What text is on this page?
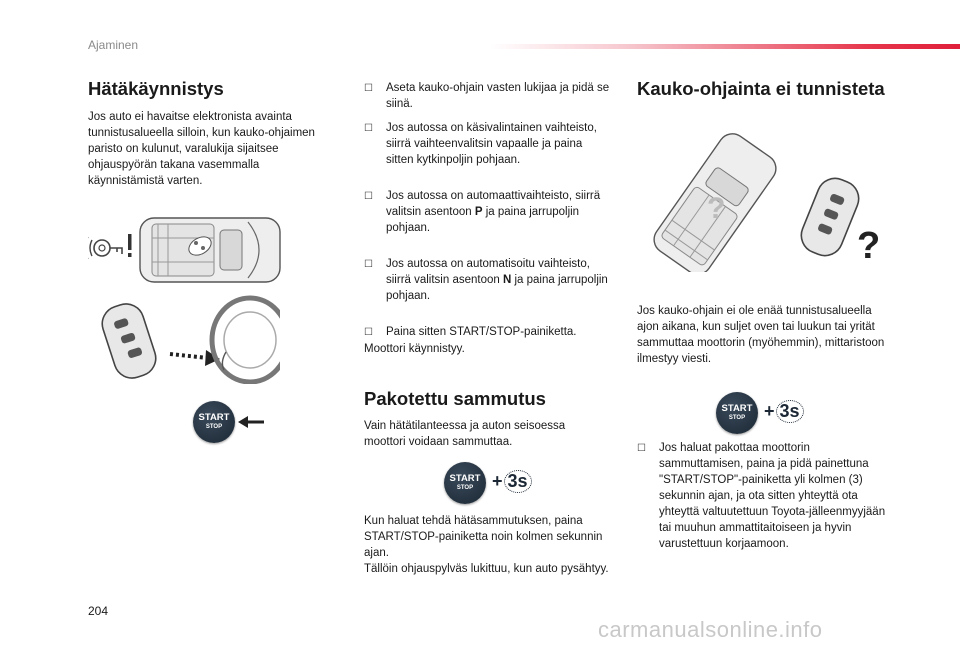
Ajaminen
Hätäkäynnistys

Jos auto ei havaitse elektronista avainta tunnistusalueella silloin, kun kauko-ohjaimen paristo on kulunut, varalukija sijaitsee ohjauspyörän takana vasemmalla käynnistämistä varten.

START
STOP
☐	Aseta kauko-ohjain vasten lukijaa ja pidä se siinä.
☐	Jos autossa on käsivalintainen vaihteisto, siirrä vaihteenvalitsin vapaalle ja paina sitten kytkinpoljin pohjaan.
☐	Jos autossa on automaattivaihteisto, siirrä valitsin asentoon P ja paina jarrupoljin pohjaan.
☐	Jos autossa on automatisoitu vaihteisto, siirrä valitsin asentoon N ja paina jarrupoljin pohjaan.
☐	Paina sitten START/STOP-painiketta.

Moottori käynnistyy.

Pakotettu sammutus

Vain hätätilanteessa ja auton seisoessa moottori voidaan sammuttaa.

START
STOP	+ 3s

Kun haluat tehdä hätäsammutuksen, paina START/STOP-painiketta noin kolmen sekunnin ajan.

Tällöin ohjauspylväs lukittuu, kun auto pysähtyy.

Kauko-ohjainta ei tunnisteta
?
?

Jos kauko-ohjain ei ole enää tunnistusalueella ajon aikana, kun suljet oven tai luukun tai yrität sammuttaa moottorin (myöhemmin), mittaristoon ilmestyy viesti.

START
STOP	+ 3s
☐	Jos haluat pakottaa moottorin sammuttamisen, paina ja pidä painettuna "START/STOP"-painiketta yli kolmen (3) sekunnin ajan, ja ota sitten yhteyttä ota yhteyttä valtuutettuun Toyota-jälleenmyyjään tai muuhun ammattitaitoiseen ja hyvin varustettuun korjaamoon.
204
carmanualsonline.info
